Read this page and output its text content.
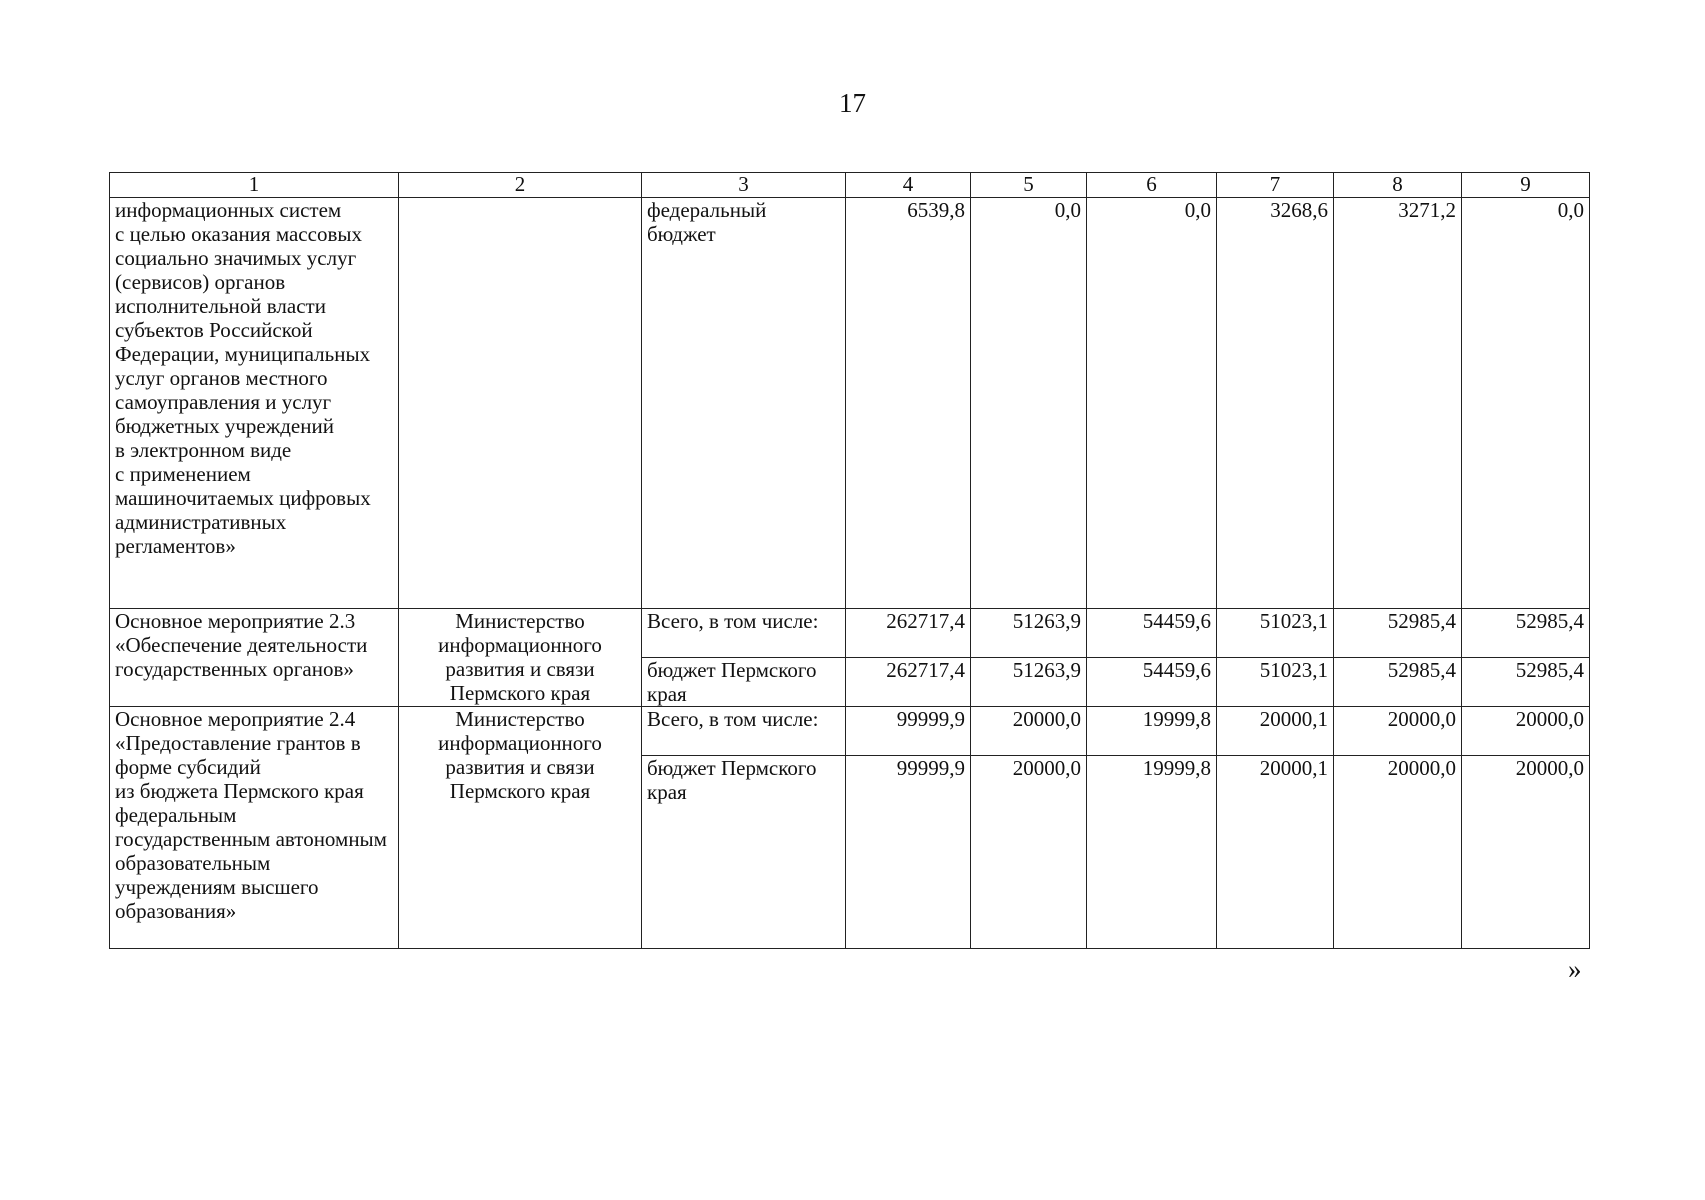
17
1	2	3	4	5	6	7	8	9
информационных систем
с целью оказания массовых социально значимых услуг (сервисов) органов исполнительной власти субъектов Российской Федерации, муниципальных услуг органов местного самоуправления и услуг бюджетных учреждений
в электронном виде
с применением машиночитаемых цифровых административных регламентов»		федеральный бюджет	6539,8	0,0	0,0	3268,6	3271,2	0,0
Основное мероприятие 2.3 «Обеспечение деятельности государственных органов»	Министерство информационного развития и связи Пермского края	Всего, в том числе:	262717,4	51263,9	54459,6	51023,1	52985,4	52985,4
		бюджет Пермского края	262717,4	51263,9	54459,6	51023,1	52985,4	52985,4
Основное мероприятие 2.4 «Предоставление грантов в форме субсидий
из бюджета Пермского края федеральным государственным автономным образовательным учреждениям высшего образования»	Министерство информационного развития и связи Пермского края	Всего, в том числе:	99999,9	20000,0	19999,8	20000,1	20000,0	20000,0
		бюджет Пермского края	99999,9	20000,0	19999,8	20000,1	20000,0	20000,0
»
